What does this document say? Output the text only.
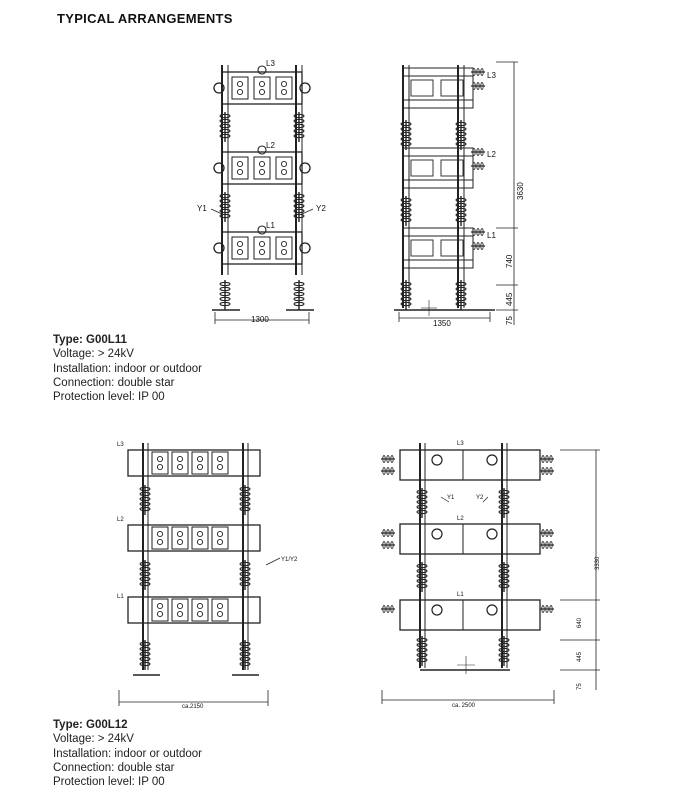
TYPICAL ARRANGEMENTS
L3
L2
L1
Y1	Y2
1300
L3
L2
L1
3630
740
445
75
1350
L3
L2
L1
Y1/Y2
ca.2150
L3
L2
L1
Y1	Y2
3330
640
445
75
ca. 2500
Type: G00L11
Voltage: > 24kV
Installation: indoor or outdoor
Connection: double star
Protection level: IP 00
Type: G00L12
Voltage: > 24kV
Installation: indoor or outdoor
Connection: double star
Protection level: IP 00
